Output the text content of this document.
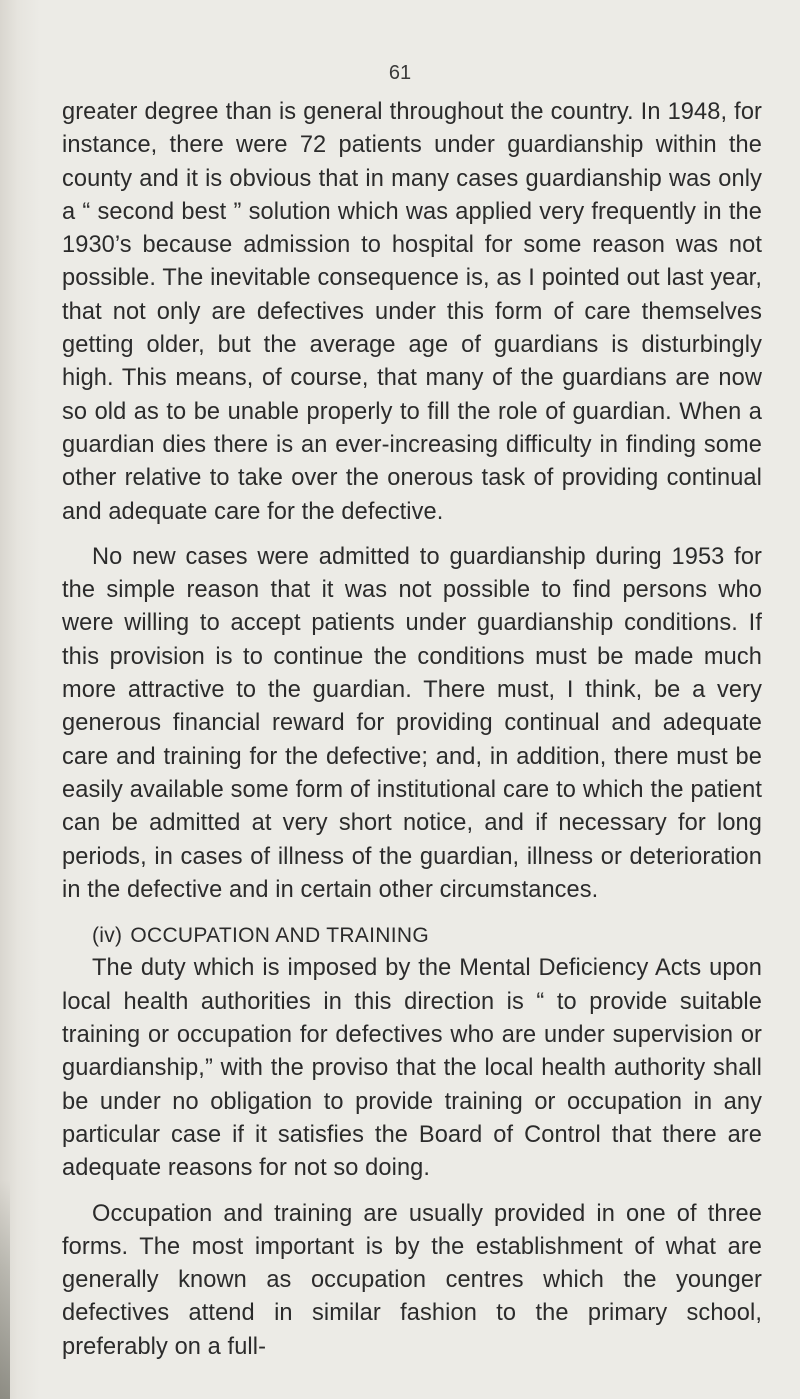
61

greater degree than is general throughout the country. In 1948, for instance, there were 72 patients under guardianship within the county and it is obvious that in many cases guardianship was only a “ second best ” solution which was applied very frequently in the 1930’s because admission to hospital for some reason was not possible. The inevitable consequence is, as I pointed out last year, that not only are defectives under this form of care themselves getting older, but the average age of guardians is disturbingly high. This means, of course, that many of the guardians are now so old as to be unable properly to fill the role of guardian. When a guardian dies there is an ever-increasing difficulty in finding some other relative to take over the onerous task of providing continual and adequate care for the defective.

No new cases were admitted to guardianship during 1953 for the simple reason that it was not possible to find persons who were willing to accept patients under guardianship conditions. If this provision is to continue the conditions must be made much more attractive to the guardian. There must, I think, be a very generous financial reward for providing continual and adequate care and training for the defective; and, in addition, there must be easily available some form of institutional care to which the patient can be admitted at very short notice, and if necessary for long periods, in cases of illness of the guardian, illness or deterioration in the defective and in certain other circumstances.

(iv) OCCUPATION AND TRAINING

The duty which is imposed by the Mental Deficiency Acts upon local health authorities in this direction is “ to provide suitable training or occupation for defectives who are under supervision or guardianship,” with the proviso that the local health authority shall be under no obligation to provide training or occupation in any particular case if it satisfies the Board of Control that there are adequate reasons for not so doing.

Occupation and training are usually provided in one of three forms. The most important is by the establishment of what are generally known as occupation centres which the younger defectives attend in similar fashion to the primary school, preferably on a full-
